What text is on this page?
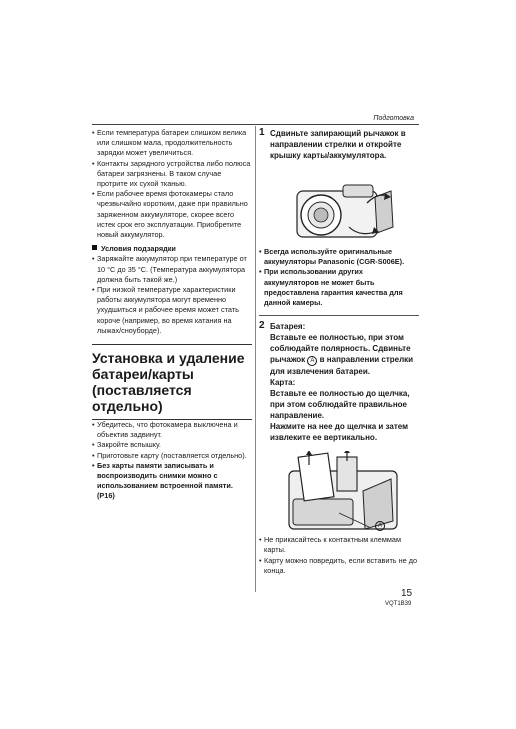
Подготовка
• Если температура батареи слишком велика или слишком мала, продолжительность зарядки может увеличиться.
• Контакты зарядного устройства либо полюса батареи загрязнены. В таком случае протрите их сухой тканью.
• Если рабочее время фотокамеры стало чрезвычайно коротким, даже при правильно заряженном аккумуляторе, скорее всего истек срок его эксплуатации. Приобретите новый аккумулятор.
Условия подзарядки
• Заряжайте аккумулятор при температуре от 10 °C до 35 °C. (Температура аккумулятора должна быть такой же.)
• При низкой температуре характеристики работы аккумулятора могут временно ухудшиться и рабочее время может стать короче (например, во время катания на лыжах/сноуборде).
Установка и удаление батареи/карты (поставляется отдельно)
• Убедитесь, что фотокамера выключена и объектив задвинут.
• Закройте вспышку.
• Приготовьте карту (поставляется отдельно).
• Без карты памяти записывать и воспроизводить снимки можно с использованием встроенной памяти. (P16)
1 Сдвиньте запирающий рычажок в направлении стрелки и откройте крышку карты/аккумулятора.
• Всегда используйте оригинальные аккумуляторы Panasonic (CGR-S006E).
• При использовании других аккумуляторов не может быть предоставлена гарантия качества для данной камеры.
2 Батарея:
Вставьте ее полностью, при этом соблюдайте полярность. Сдвиньте рычажок A в направлении стрелки для извлечения батареи.
Карта:
Вставьте ее полностью до щелчка, при этом соблюдайте правильное направление.
Нажмите на нее до щелчка и затем извлеките ее вертикально.
A
• Не прикасайтесь к контактным клеммам карты.
• Карту можно повредить, если вставить не до конца.
15
VQT1B39
